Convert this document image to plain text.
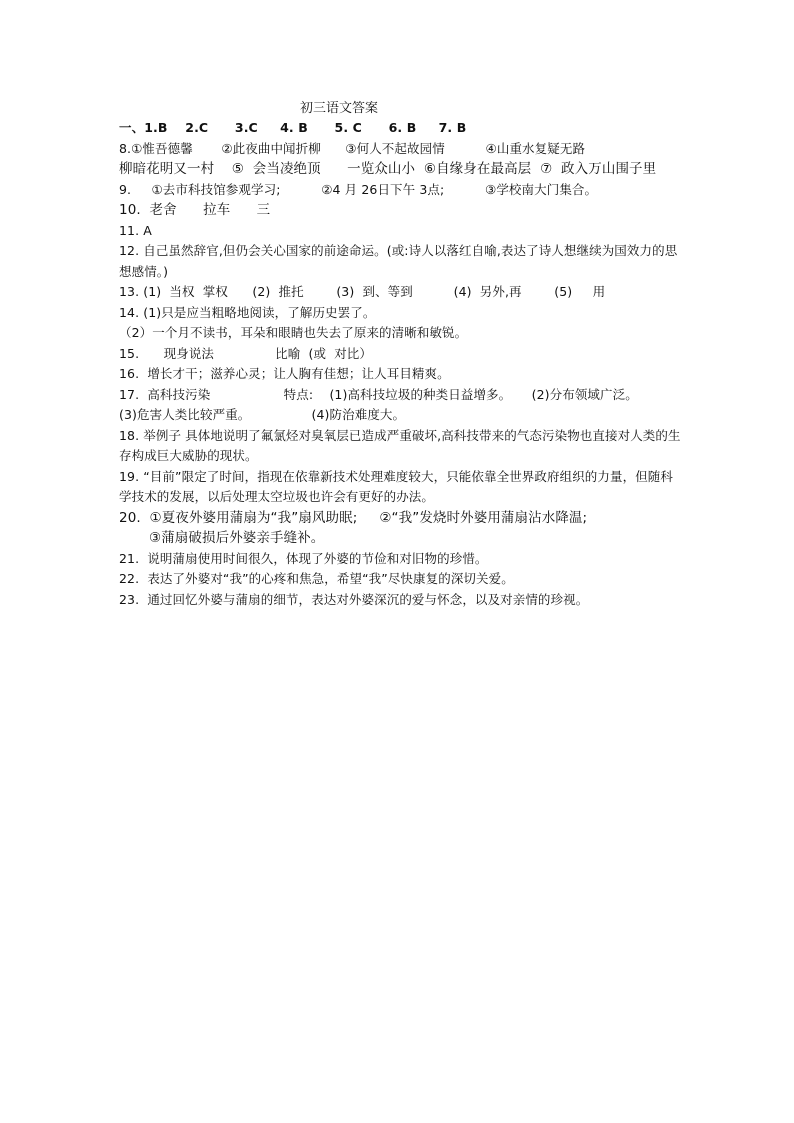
初三语文答案
一、1.B    2.C      3.C     4. B      5. C      6. B     7. B
8.①惟吾德馨       ②此夜曲中闻折柳      ③何人不起故园情          ④山重水复疑无路
柳暗花明又一村    ⑤  会当凌绝顶      一览众山小  ⑥自缘身在最高层  ⑦  政入万山围子里
9.     ①去市科技馆参观学习;          ②4 月 26日下午 3点;          ③学校南大门集合。
10.  老舍      拉车      三
11. A
12. 自己虽然辞官,但仍会关心国家的前途命运。(或:诗人以落红自喻,表达了诗人想继续为国效力的思想感情。)
13. (1)  当权  掌权      (2)  推托        (3)  到、等到          (4)  另外,再        (5)     用
14. (1)只是应当粗略地阅读，了解历史罢了。
（2）一个月不读书，耳朵和眼睛也失去了原来的清晰和敏锐。
15.      现身说法               比喻  (或  对比）
16.  增长才干；滋养心灵；让人胸有佳想；让人耳目精爽。
17.  高科技污染                  特点:    (1)高科技垃圾的种类日益增多。     (2)分布领域广泛。
(3)危害人类比较严重。               (4)防治难度大。
18. 举例子 具体地说明了氟氯烃对臭氧层已造成严重破坏,高科技带来的气态污染物也直接对人类的生存构成巨大威胁的现状。
19. “目前”限定了时间，指现在依靠新技术处理难度较大，只能依靠全世界政府组织的力量，但随科学技术的发展，以后处理太空垃圾也许会有更好的办法。
20.  ①夏夜外婆用蒲扇为“我”扇风助眠;     ②“我”发烧时外婆用蒲扇沾水降温;
③蒲扇破损后外婆亲手缝补。
21.  说明蒲扇使用时间很久，体现了外婆的节俭和对旧物的珍惜。
22.  表达了外婆对“我”的心疼和焦急，希望“我”尽快康复的深切关爱。
23.  通过回忆外婆与蒲扇的细节，表达对外婆深沉的爱与怀念，以及对亲情的珍视。
